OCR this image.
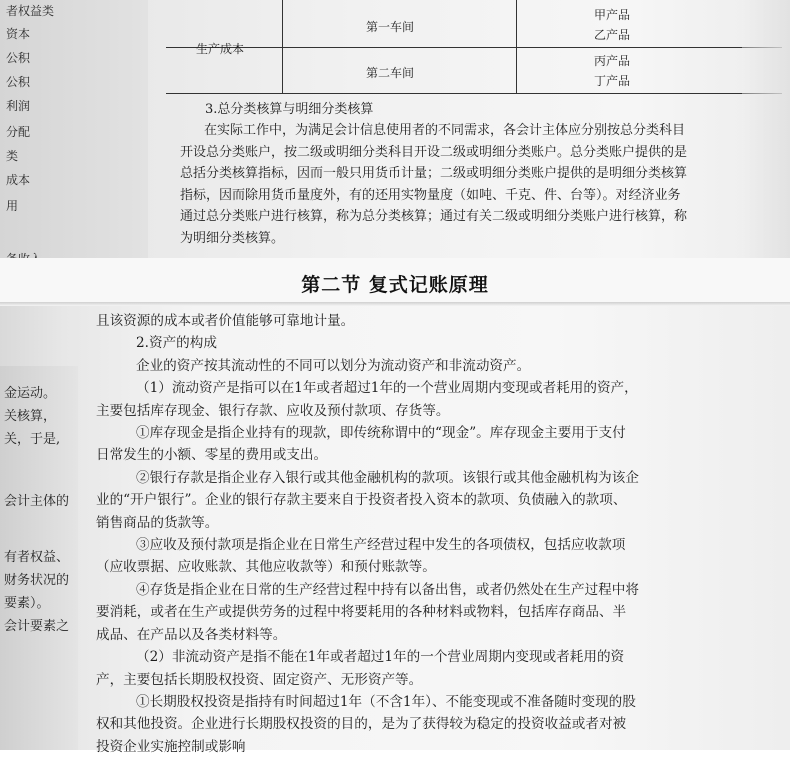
者权益类
资本
公积
公积
利润
分配
类
成本
用
生产成本
第一车间
第二车间
甲产品
乙产品
丙产品
丁产品
3.总分类核算与明细分类核算
在实际工作中，为满足会计信息使用者的不同需求，各会计主体应分别按总分类科目
开设总分类账户，按二级或明细分类科目开设二级或明细分类账户。总分类账户提供的是
总括分类核算指标，因而一般只用货币计量；二级或明细分类账户提供的是明细分类核算
指标，因而除用货币量度外，有的还用实物量度（如吨、千克、件、台等）。对经济业务
通过总分类账户进行核算，称为总分类核算；通过有关二级或明细分类账户进行核算，称
为明细分类核算。
第二节 复式记账原理
金运动。
关核算，
关，于是,
会计主体的
有者权益、
财务状况的
要素）。
会计要素之
且该资源的成本或者价值能够可靠地计量。
2.资产的构成
企业的资产按其流动性的不同可以划分为流动资产和非流动资产。
（1）流动资产是指可以在1年或者超过1年的一个营业周期内变现或者耗用的资产，
主要包括库存现金、银行存款、应收及预付款项、存货等。
①库存现金是指企业持有的现款，即传统称谓中的“现金”。库存现金主要用于支付
日常发生的小额、零星的费用或支出。
②银行存款是指企业存入银行或其他金融机构的款项。该银行或其他金融机构为该企
业的“开户银行”。企业的银行存款主要来自于投资者投入资本的款项、负债融入的款项、
销售商品的货款等。
③应收及预付款项是指企业在日常生产经营过程中发生的各项债权，包括应收款项
（应收票据、应收账款、其他应收款等）和预付账款等。
④存货是指企业在日常的生产经营过程中持有以备出售，或者仍然处在生产过程中将
要消耗，或者在生产或提供劳务的过程中将要耗用的各种材料或物料，包括库存商品、半
成品、在产品以及各类材料等。
（2）非流动资产是指不能在1年或者超过1年的一个营业周期内变现或者耗用的资
产，主要包括长期股权投资、固定资产、无形资产等。
①长期股权投资是指持有时间超过1年（不含1年）、不能变现或不准备随时变现的股
权和其他投资。企业进行长期股权投资的目的，是为了获得较为稳定的投资收益或者对被
投资企业实施控制或影响
